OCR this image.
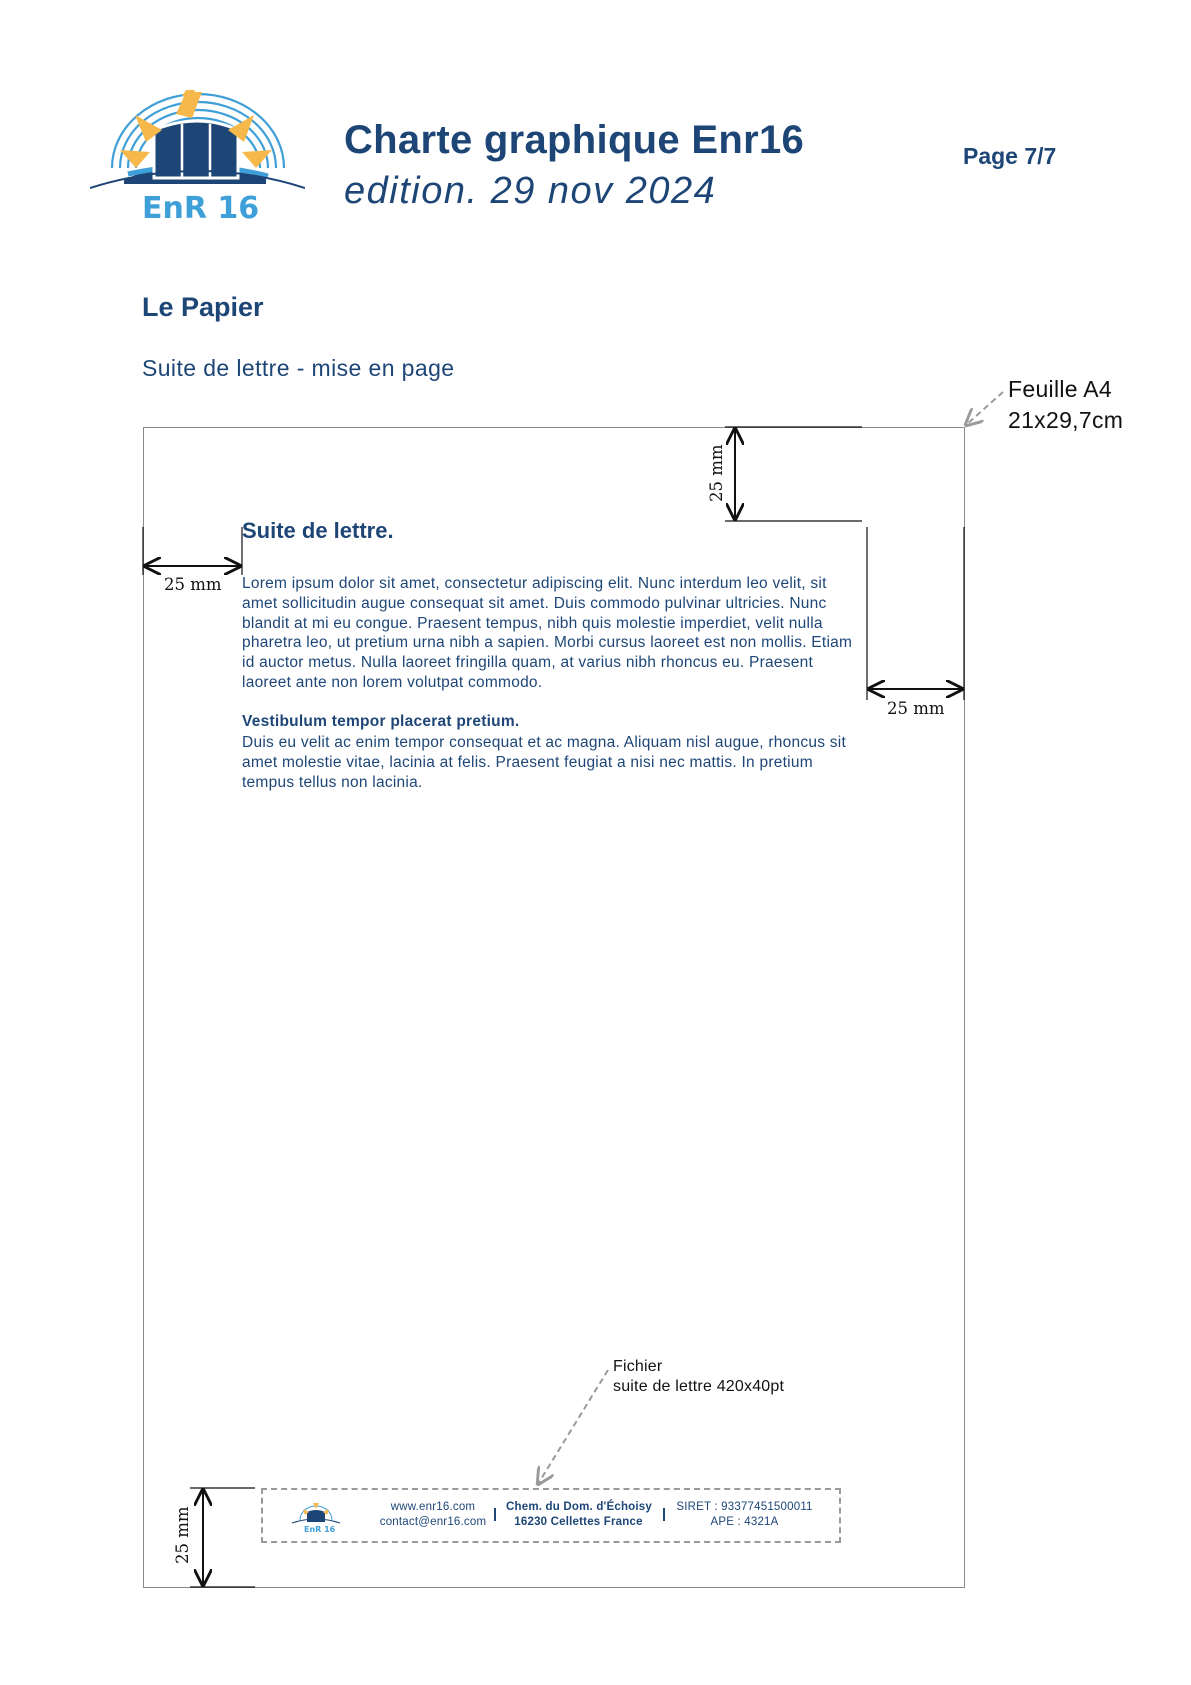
EnR 16
Charte graphique Enr16
edition. 29 nov 2024
Page 7/7
Le Papier
Suite de lettre - mise en page
Feuille A4
21x29,7cm
Suite de lettre.

Lorem ipsum dolor sit amet, consectetur adipiscing elit. Nunc interdum leo velit, sit amet sollicitudin augue consequat sit amet. Duis commodo pulvinar ultricies. Nunc blandit at mi eu congue. Praesent tempus, nibh quis molestie imperdiet, velit nulla pharetra leo, ut pretium urna nibh a sapien. Morbi cursus laoreet est non mollis. Etiam id auctor metus. Nulla laoreet fringilla quam, at varius nibh rhoncus eu. Praesent laoreet ante non lorem volutpat commodo.

Vestibulum tempor placerat pretium.

Duis eu velit ac enim tempor consequat et ac magna. Aliquam nisl augue, rhoncus sit amet molestie vitae, lacinia at felis. Praesent feugiat a nisi nec mattis. In pretium tempus tellus non lacinia.

25 mm
25 mm
25 mm
25 mm
Fichier
suite de lettre 420x40pt
EnR 16
www.enr16.com
contact@enr16.com
Chem. du Dom. d'Échoisy
16230 Cellettes France
SIRET : 93377451500011
APE : 4321A
